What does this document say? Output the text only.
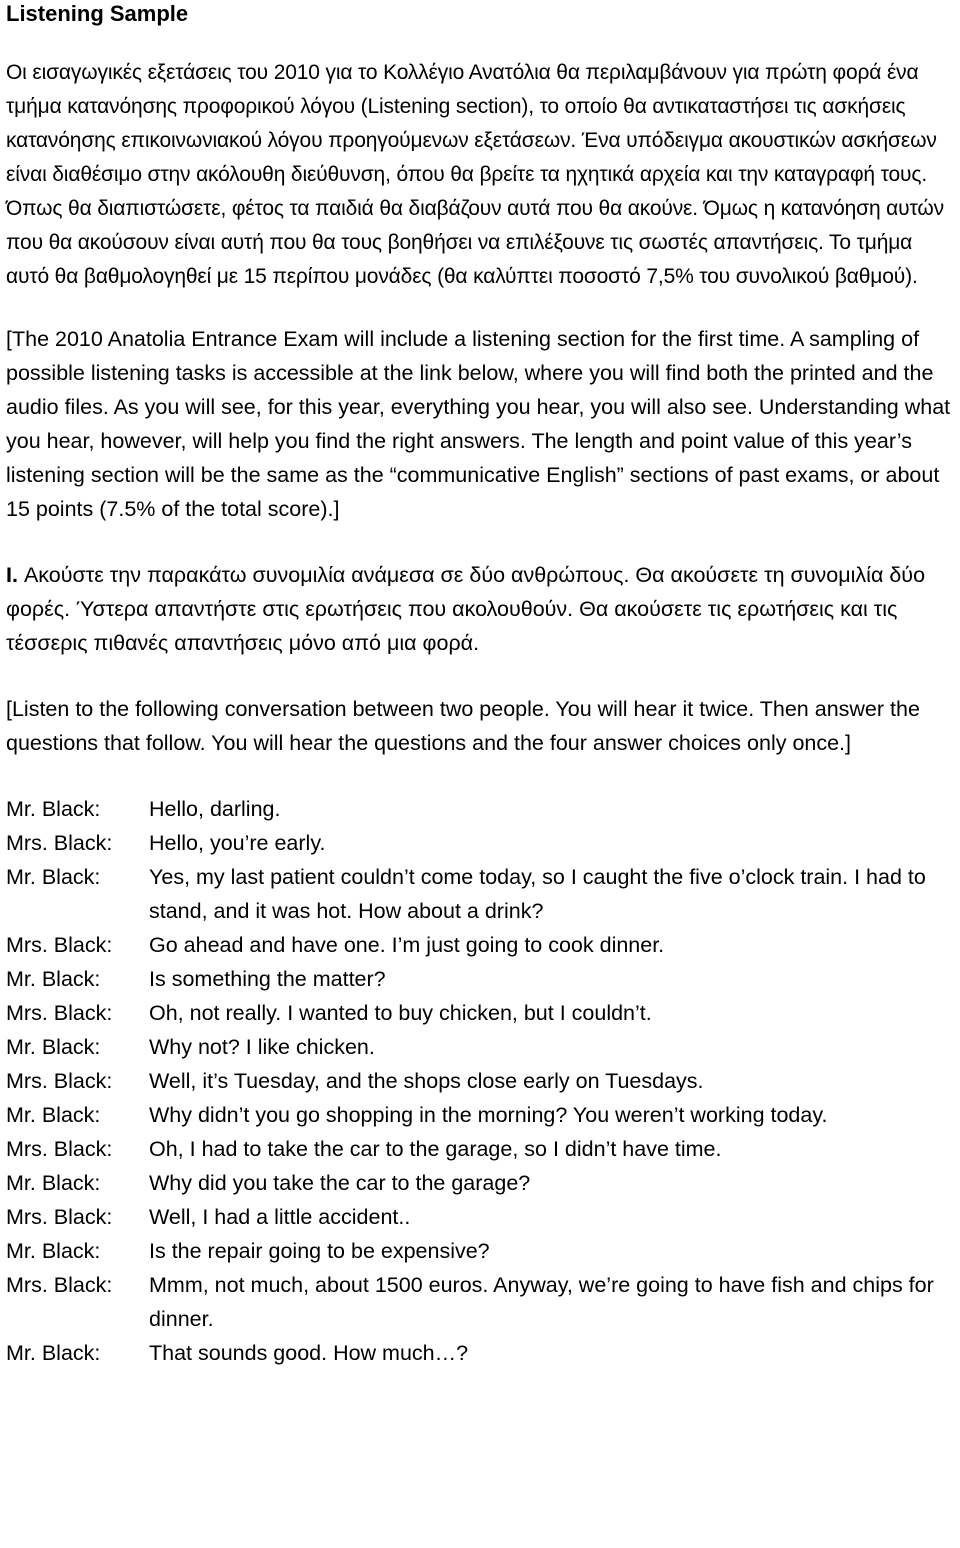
Listening Sample

Οι εισαγωγικές εξετάσεις του 2010 για το Κολλέγιο Ανατόλια θα περιλαμβάνουν για πρώτη φορά ένα τμήμα κατανόησης προφορικού λόγου (Listening section), το οποίο θα αντικαταστήσει τις ασκήσεις κατανόησης επικοινωνιακού λόγου προηγούμενων εξετάσεων. Ένα υπόδειγμα ακουστικών ασκήσεων είναι διαθέσιμο στην ακόλουθη διεύθυνση, όπου θα βρείτε τα ηχητικά αρχεία και την καταγραφή τους. Όπως θα διαπιστώσετε, φέτος τα παιδιά θα διαβάζουν αυτά που θα ακούνε. Όμως η κατανόηση αυτών που θα ακούσουν είναι αυτή που θα τους βοηθήσει να επιλέξουνε τις σωστές απαντήσεις. Το τμήμα αυτό θα βαθμολογηθεί με 15 περίπου μονάδες (θα καλύπτει ποσοστό 7,5% του συνολικού βαθμού).

[The 2010 Anatolia Entrance Exam will include a listening section for the first time. A sampling of possible listening tasks is accessible at the link below, where you will find both the printed and the audio files. As you will see, for this year, everything you hear, you will also see. Understanding what you hear, however, will help you find the right answers. The length and point value of this year’s listening section will be the same as the “communicative English” sections of past exams, or about 15 points (7.5% of the total score).]

I. Ακούστε την παρακάτω συνομιλία ανάμεσα σε δύο ανθρώπους. Θα ακούσετε τη συνομιλία δύο φορές. Ύστερα απαντήστε στις ερωτήσεις που ακολουθούν. Θα ακούσετε τις ερωτήσεις και τις τέσσερις πιθανές απαντήσεις μόνο από μια φορά.

[Listen to the following conversation between two people. You will hear it twice. Then answer the questions that follow. You will hear the questions and the four answer choices only once.]

Mr. Black:	Hello, darling.
Mrs. Black:	Hello, you’re early.
Mr. Black:	Yes, my last patient couldn’t come today, so I caught the five o’clock train. I had to stand, and it was hot. How about a drink?
Mrs. Black:	Go ahead and have one. I’m just going to cook dinner.
Mr. Black:	Is something the matter?
Mrs. Black:	Oh, not really. I wanted to buy chicken, but I couldn’t.
Mr. Black:	Why not? I like chicken.
Mrs. Black:	Well, it’s Tuesday, and the shops close early on Tuesdays.
Mr. Black:	Why didn’t you go shopping in the morning? You weren’t working today.
Mrs. Black:	Oh, I had to take the car to the garage, so I didn’t have time.
Mr. Black:	Why did you take the car to the garage?
Mrs. Black:	Well, I had a little accident..
Mr. Black:	Is the repair going to be expensive?
Mrs. Black:	Mmm, not much, about 1500 euros. Anyway, we’re going to have fish and chips for dinner.
Mr. Black:	That sounds good. How much…?
